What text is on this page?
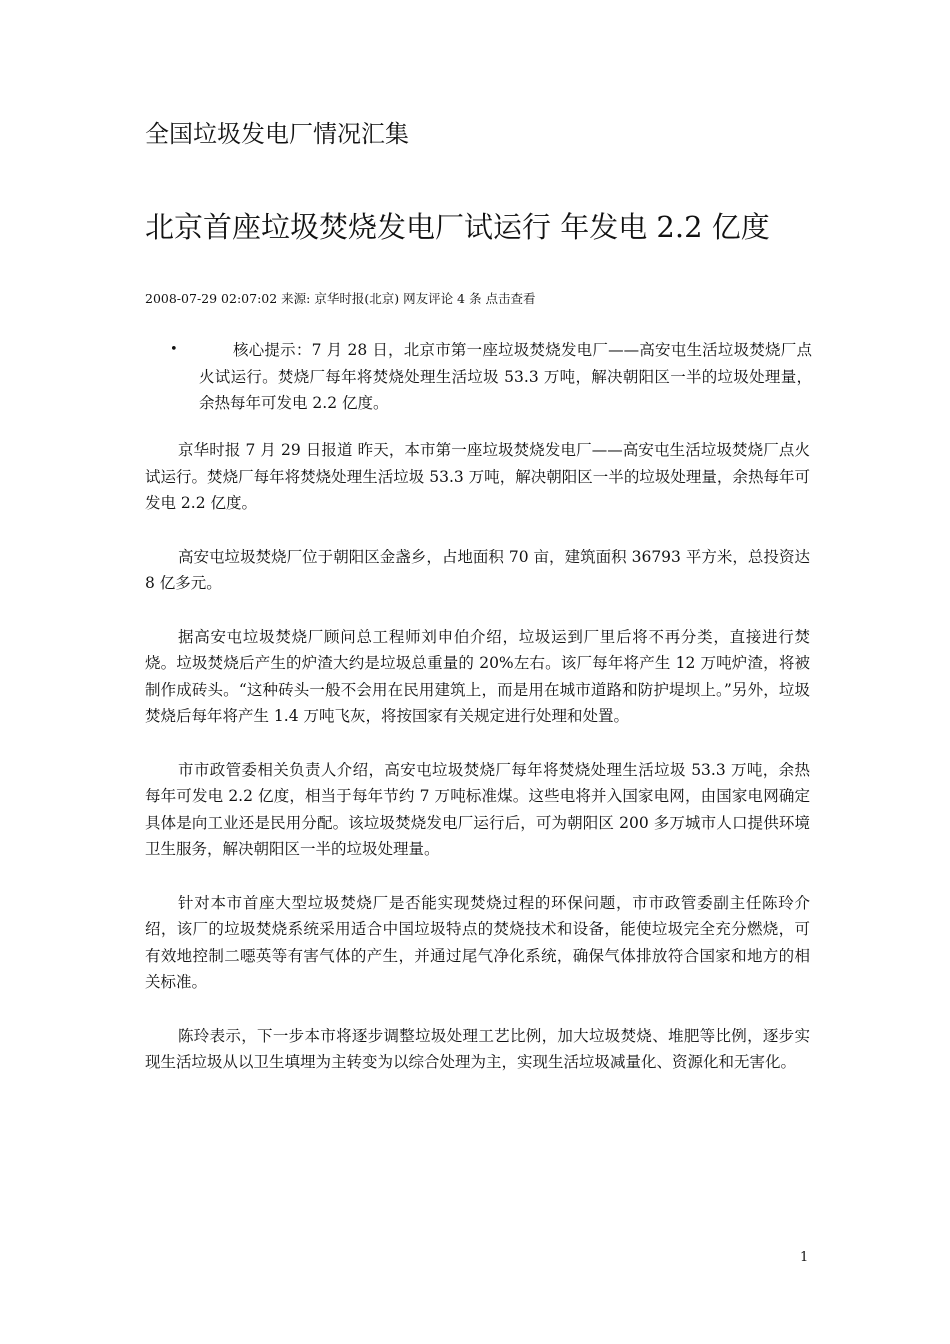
全国垃圾发电厂情况汇集
北京首座垃圾焚烧发电厂试运行 年发电 2.2 亿度
2008-07-29 02:07:02 来源: 京华时报(北京) 网友评论 4 条 点击查看
•	核心提示：7 月 28 日，北京市第一座垃圾焚烧发电厂——高安屯生活垃圾焚烧厂点火试运行。焚烧厂每年将焚烧处理生活垃圾 53.3 万吨，解决朝阳区一半的垃圾处理量，余热每年可发电 2.2 亿度。

京华时报 7 月 29 日报道 昨天，本市第一座垃圾焚烧发电厂——高安屯生活垃圾焚烧厂点火试运行。焚烧厂每年将焚烧处理生活垃圾 53.3 万吨，解决朝阳区一半的垃圾处理量，余热每年可发电 2.2 亿度。

高安屯垃圾焚烧厂位于朝阳区金盏乡，占地面积 70 亩，建筑面积 36793 平方米，总投资达 8 亿多元。

据高安屯垃圾焚烧厂顾问总工程师刘申伯介绍，垃圾运到厂里后将不再分类，直接进行焚烧。垃圾焚烧后产生的炉渣大约是垃圾总重量的 20%左右。该厂每年将产生 12 万吨炉渣，将被制作成砖头。“这种砖头一般不会用在民用建筑上，而是用在城市道路和防护堤坝上。”另外，垃圾焚烧后每年将产生 1.4 万吨飞灰，将按国家有关规定进行处理和处置。

市市政管委相关负责人介绍，高安屯垃圾焚烧厂每年将焚烧处理生活垃圾 53.3 万吨，余热每年可发电 2.2 亿度，相当于每年节约 7 万吨标准煤。这些电将并入国家电网，由国家电网确定具体是向工业还是民用分配。该垃圾焚烧发电厂运行后，可为朝阳区 200 多万城市人口提供环境卫生服务，解决朝阳区一半的垃圾处理量。

针对本市首座大型垃圾焚烧厂是否能实现焚烧过程的环保问题，市市政管委副主任陈玲介绍，该厂的垃圾焚烧系统采用适合中国垃圾特点的焚烧技术和设备，能使垃圾完全充分燃烧，可有效地控制二噁英等有害气体的产生，并通过尾气净化系统，确保气体排放符合国家和地方的相关标准。

陈玲表示，下一步本市将逐步调整垃圾处理工艺比例，加大垃圾焚烧、堆肥等比例，逐步实现生活垃圾从以卫生填埋为主转变为以综合处理为主，实现生活垃圾减量化、资源化和无害化。

1
